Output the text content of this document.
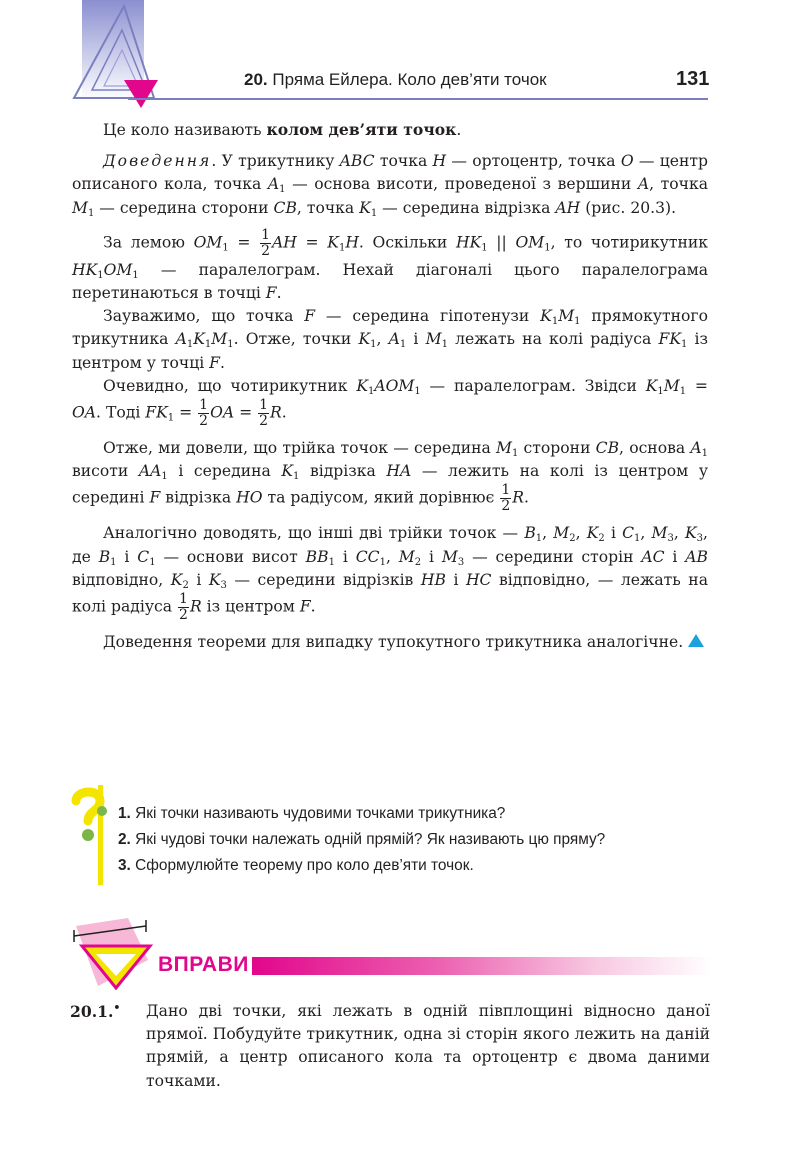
20. Пряма Ейлера. Коло дев’яти точок	131

Це коло називають колом дев’яти точок.

Доведення. У трикутнику ABC точка H — ортоцентр, точка O — центр описаного кола, точка $A_1$ — основа висоти, проведеної з вершини A, точка $M_1$ — середина сторони CB, точка $K_1$ — середина відрізка AH (рис. 20.3).

За лемою $OM_1 = \frac{1}{2}$ AH = $K_1H$. Оскільки $HK_1$ || $OM_1$, то чотирикутник $HK_1OM_1$ — паралелограм. Нехай діагоналі цього паралелограма перетинаються в точці F.

Зауважимо, що точка F — середина гіпотенузи $K_1M_1$ прямокутного трикутника $A_1K_1M_1$. Отже, точки $K_1$, $A_1$ і $M_1$ лежать на колі радіуса $FK_1$ із центром у точці F.

Очевидно, що чотирикутник $K_1AOM_1$ — паралелограм. Звідси $K_1M_1$ = OA. Тоді $FK_1 = \frac{1}{2}$ OA = $\frac{1}{2} R$.

Отже, ми довели, що трійка точок — середина $M_1$ сторони CB, основа $A_1$ висоти $AA_1$ і середина $K_1$ відрізка HA — лежить на колі із центром у середині F відрізка HO та радіусом, який дорівнює $\frac{1}{2} R$.

Аналогічно доводять, що інші дві трійки точок — $B_1$, $M_2$, $K_2$ і $C_1$, $M_3$, $K_3$, де $B_1$ і $C_1$ — основи висот $BB_1$ і $CC_1$, $M_2$ і $M_3$ — середини сторін AC і AB відповідно, $K_2$ і $K_3$ — середини відрізків HB і HC відповідно, — лежать на колі радіуса $\frac{1}{2}$ R із центром F.

Доведення теореми для випадку тупокутного трикутника аналогічне.

1. Які точки називають чудовими точками трикутника?
2. Які чудові точки належать одній прямій? Як називають цю пряму?
3. Сформулюйте теорему про коло дев’яти точок.
ВПРАВИ
20.1.• Дано дві точки, які лежать в одній півплощині відносно даної прямої. Побудуйте трикутник, одна зі сторін якого лежить на даній прямій, а центр описаного кола та ортоцентр є двома даними точками.
